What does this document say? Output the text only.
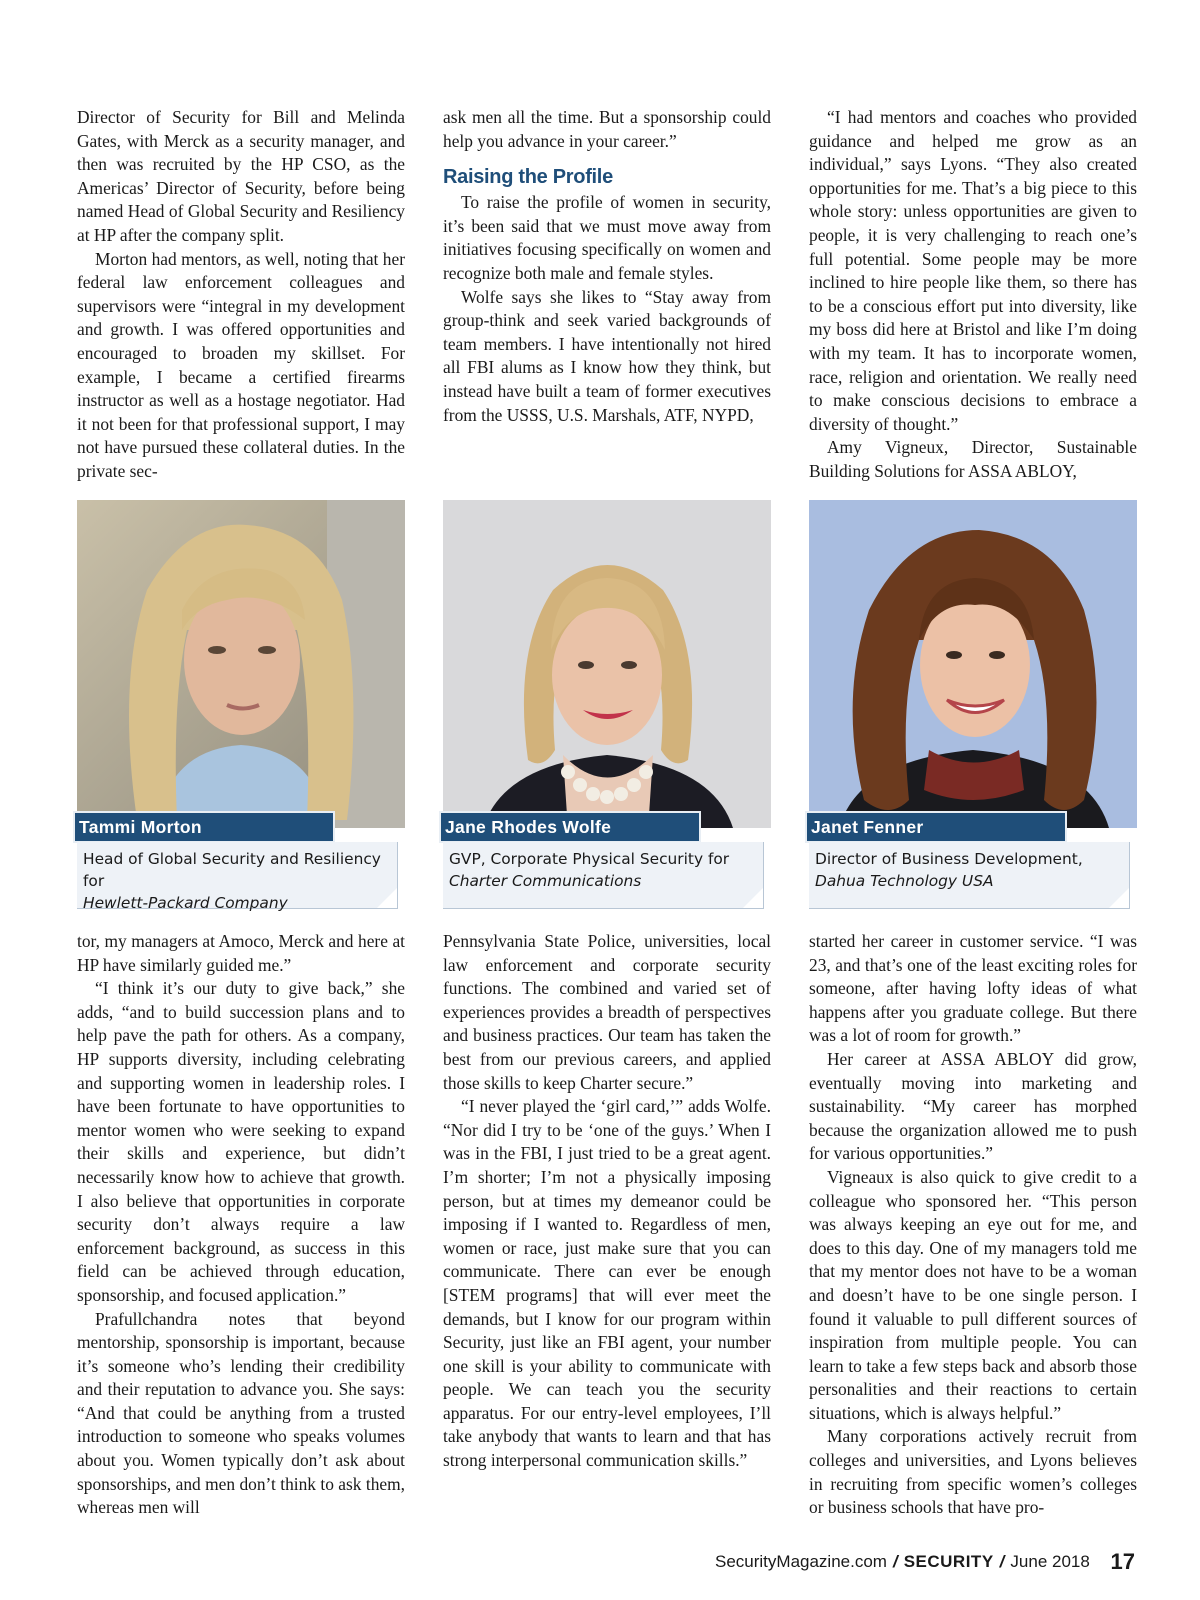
Director of Security for Bill and Melinda Gates, with Merck as a security manager, and then was recruited by the HP CSO, as the Americas’ Director of Security, before being named Head of Global Security and Resiliency at HP after the company split.

Morton had mentors, as well, noting that her federal law enforcement colleagues and supervisors were “integral in my development and growth. I was offered opportunities and encouraged to broaden my skillset. For example, I became a certified firearms instructor as well as a hostage negotiator. Had it not been for that professional support, I may not have pursued these collateral duties. In the private sec-

ask men all the time. But a sponsorship could help you advance in your career.”

Raising the Profile

To raise the profile of women in security, it’s been said that we must move away from initiatives focusing specifically on women and recognize both male and female styles.

Wolfe says she likes to “Stay away from group-think and seek varied backgrounds of team members. I have intentionally not hired all FBI alums as I know how they think, but instead have built a team of former executives from the USSS, U.S. Marshals, ATF, NYPD,

“I had mentors and coaches who provided guidance and helped me grow as an individual,” says Lyons. “They also created opportunities for me. That’s a big piece to this whole story: unless opportunities are given to people, it is very challenging to reach one’s full potential. Some people may be more inclined to hire people like them, so there has to be a conscious effort put into diversity, like my boss did here at Bristol and like I’m doing with my team. It has to incorporate women, race, religion and orientation. We really need to make conscious decisions to embrace a diversity of thought.”

Amy Vigneux, Director, Sustainable Building Solutions for ASSA ABLOY,

Tammi Morton
Head of Global Security and Resiliency for
Hewlett-Packard Company
Jane Rhodes Wolfe
GVP, Corporate Physical Security for
Charter Communications
Janet Fenner
Director of Business Development,
Dahua Technology USA

tor, my managers at Amoco, Merck and here at HP have similarly guided me.”

“I think it’s our duty to give back,” she adds, “and to build succession plans and to help pave the path for others. As a company, HP supports diversity, including celebrating and supporting women in leadership roles. I have been fortunate to have opportunities to mentor women who were seeking to expand their skills and experience, but didn’t necessarily know how to achieve that growth. I also believe that opportunities in corporate security don’t always require a law enforcement background, as success in this field can be achieved through education, sponsorship, and focused application.”

Prafullchandra notes that beyond mentorship, sponsorship is important, because it’s someone who’s lending their credibility and their reputation to advance you. She says: “And that could be anything from a trusted introduction to someone who speaks volumes about you. Women typically don’t ask about sponsorships, and men don’t think to ask them, whereas men will

Pennsylvania State Police, universities, local law enforcement and corporate security functions. The combined and varied set of experiences provides a breadth of perspectives and business practices. Our team has taken the best from our previous careers, and applied those skills to keep Charter secure.”

“I never played the ‘girl card,’” adds Wolfe. “Nor did I try to be ‘one of the guys.’ When I was in the FBI, I just tried to be a great agent. I’m shorter; I’m not a physically imposing person, but at times my demeanor could be imposing if I wanted to. Regardless of men, women or race, just make sure that you can communicate. There can ever be enough [STEM programs] that will ever meet the demands, but I know for our program within Security, just like an FBI agent, your number one skill is your ability to communicate with people. We can teach you the security apparatus. For our entry-level employees, I’ll take anybody that wants to learn and that has strong interpersonal communication skills.”

started her career in customer service. “I was 23, and that’s one of the least exciting roles for someone, after having lofty ideas of what happens after you graduate college. But there was a lot of room for growth.”

Her career at ASSA ABLOY did grow, eventually moving into marketing and sustainability. “My career has morphed because the organization allowed me to push for various opportunities.”

Vigneaux is also quick to give credit to a colleague who sponsored her. “This person was always keeping an eye out for me, and does to this day. One of my managers told me that my mentor does not have to be a woman and doesn’t have to be one single person. I found it valuable to pull different sources of inspiration from multiple people. You can learn to take a few steps back and absorb those personalities and their reactions to certain situations, which is always helpful.”

Many corporations actively recruit from colleges and universities, and Lyons believes in recruiting from specific women’s colleges or business schools that have pro-

SecurityMagazine.com / SECURITY / June 2018 17
